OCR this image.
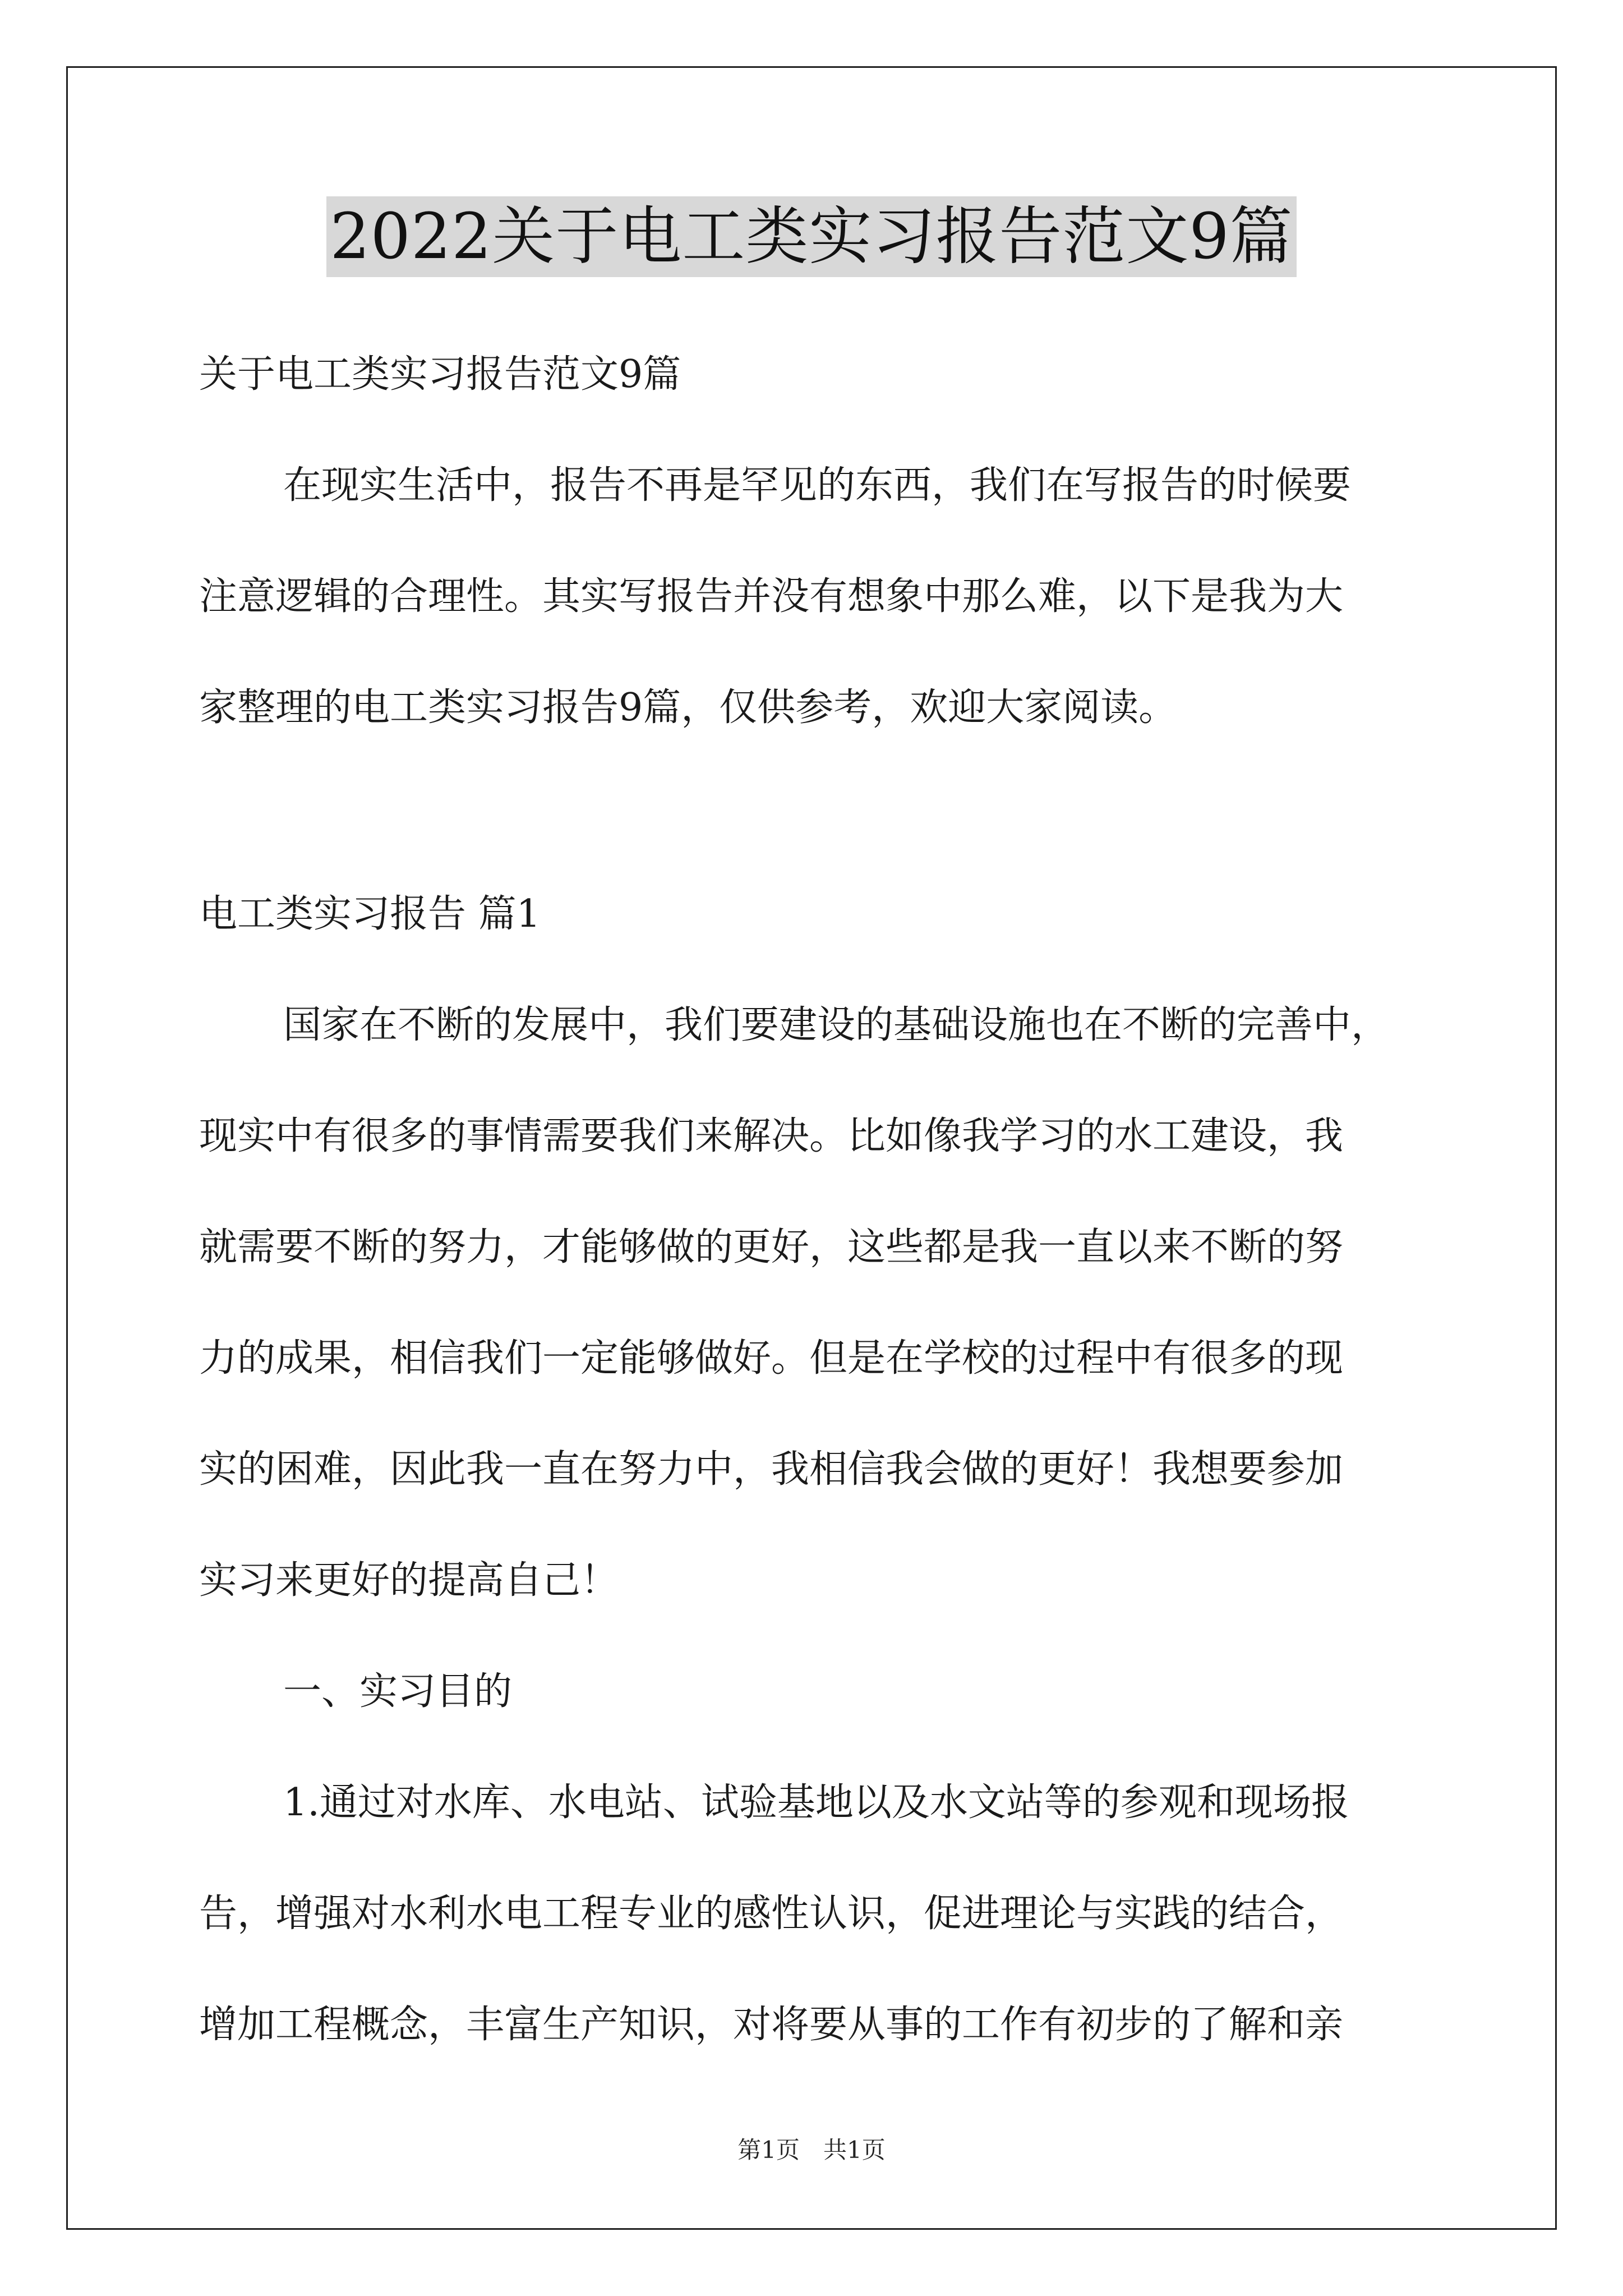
2022关于电工类实习报告范文9篇
关于电工类实习报告范文9篇
在现实生活中，报告不再是罕见的东西，我们在写报告的时候要
注意逻辑的合理性。其实写报告并没有想象中那么难，以下是我为大
家整理的电工类实习报告9篇，仅供参考，欢迎大家阅读。
电工类实习报告 篇1
国家在不断的发展中，我们要建设的基础设施也在不断的完善中，
现实中有很多的事情需要我们来解决。比如像我学习的水工建设，我
就需要不断的努力，才能够做的更好，这些都是我一直以来不断的努
力的成果，相信我们一定能够做好。但是在学校的过程中有很多的现
实的困难，因此我一直在努力中，我相信我会做的更好！我想要参加
实习来更好的提高自己！
一、实习目的
1.通过对水库、水电站、试验基地以及水文站等的参观和现场报
告，增强对水利水电工程专业的感性认识，促进理论与实践的结合，
增加工程概念，丰富生产知识，对将要从事的工作有初步的了解和亲
第1页　共1页
